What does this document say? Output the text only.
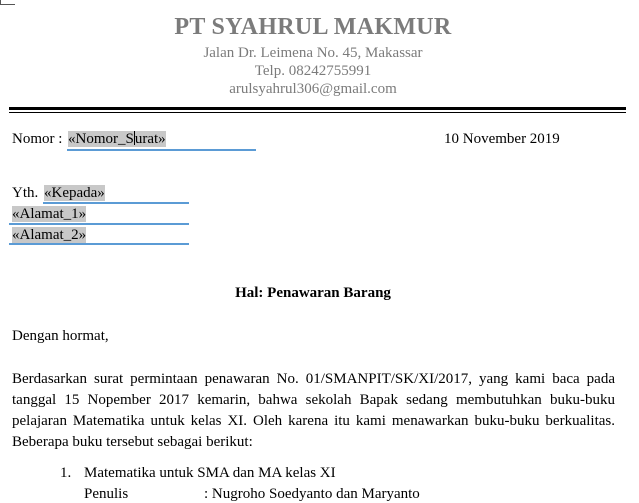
PT SYAHRUL MAKMUR
Jalan Dr. Leimena No. 45, Makassar
Telp. 08242755991
arulsyahrul306@gmail.com
Nomor : «Nomor_Surat»	10 November 2019
Yth. «Kepada»
«Alamat_1»
«Alamat_2»
Hal: Penawaran Barang
Dengan hormat,
Berdasarkan surat permintaan penawaran No. 01/SMANPIT/SK/XI/2017, yang kami baca pada tanggal 15 Nopember 2017 kemarin, bahwa sekolah Bapak sedang membutuhkan buku-buku pelajaran Matematika untuk kelas XI. Oleh karena itu kami menawarkan buku-buku berkualitas. Beberapa buku tersebut sebagai berikut:
1. Matematika untuk SMA dan MA kelas XI
Penulis	: Nugroho Soedyanto dan Maryanto
